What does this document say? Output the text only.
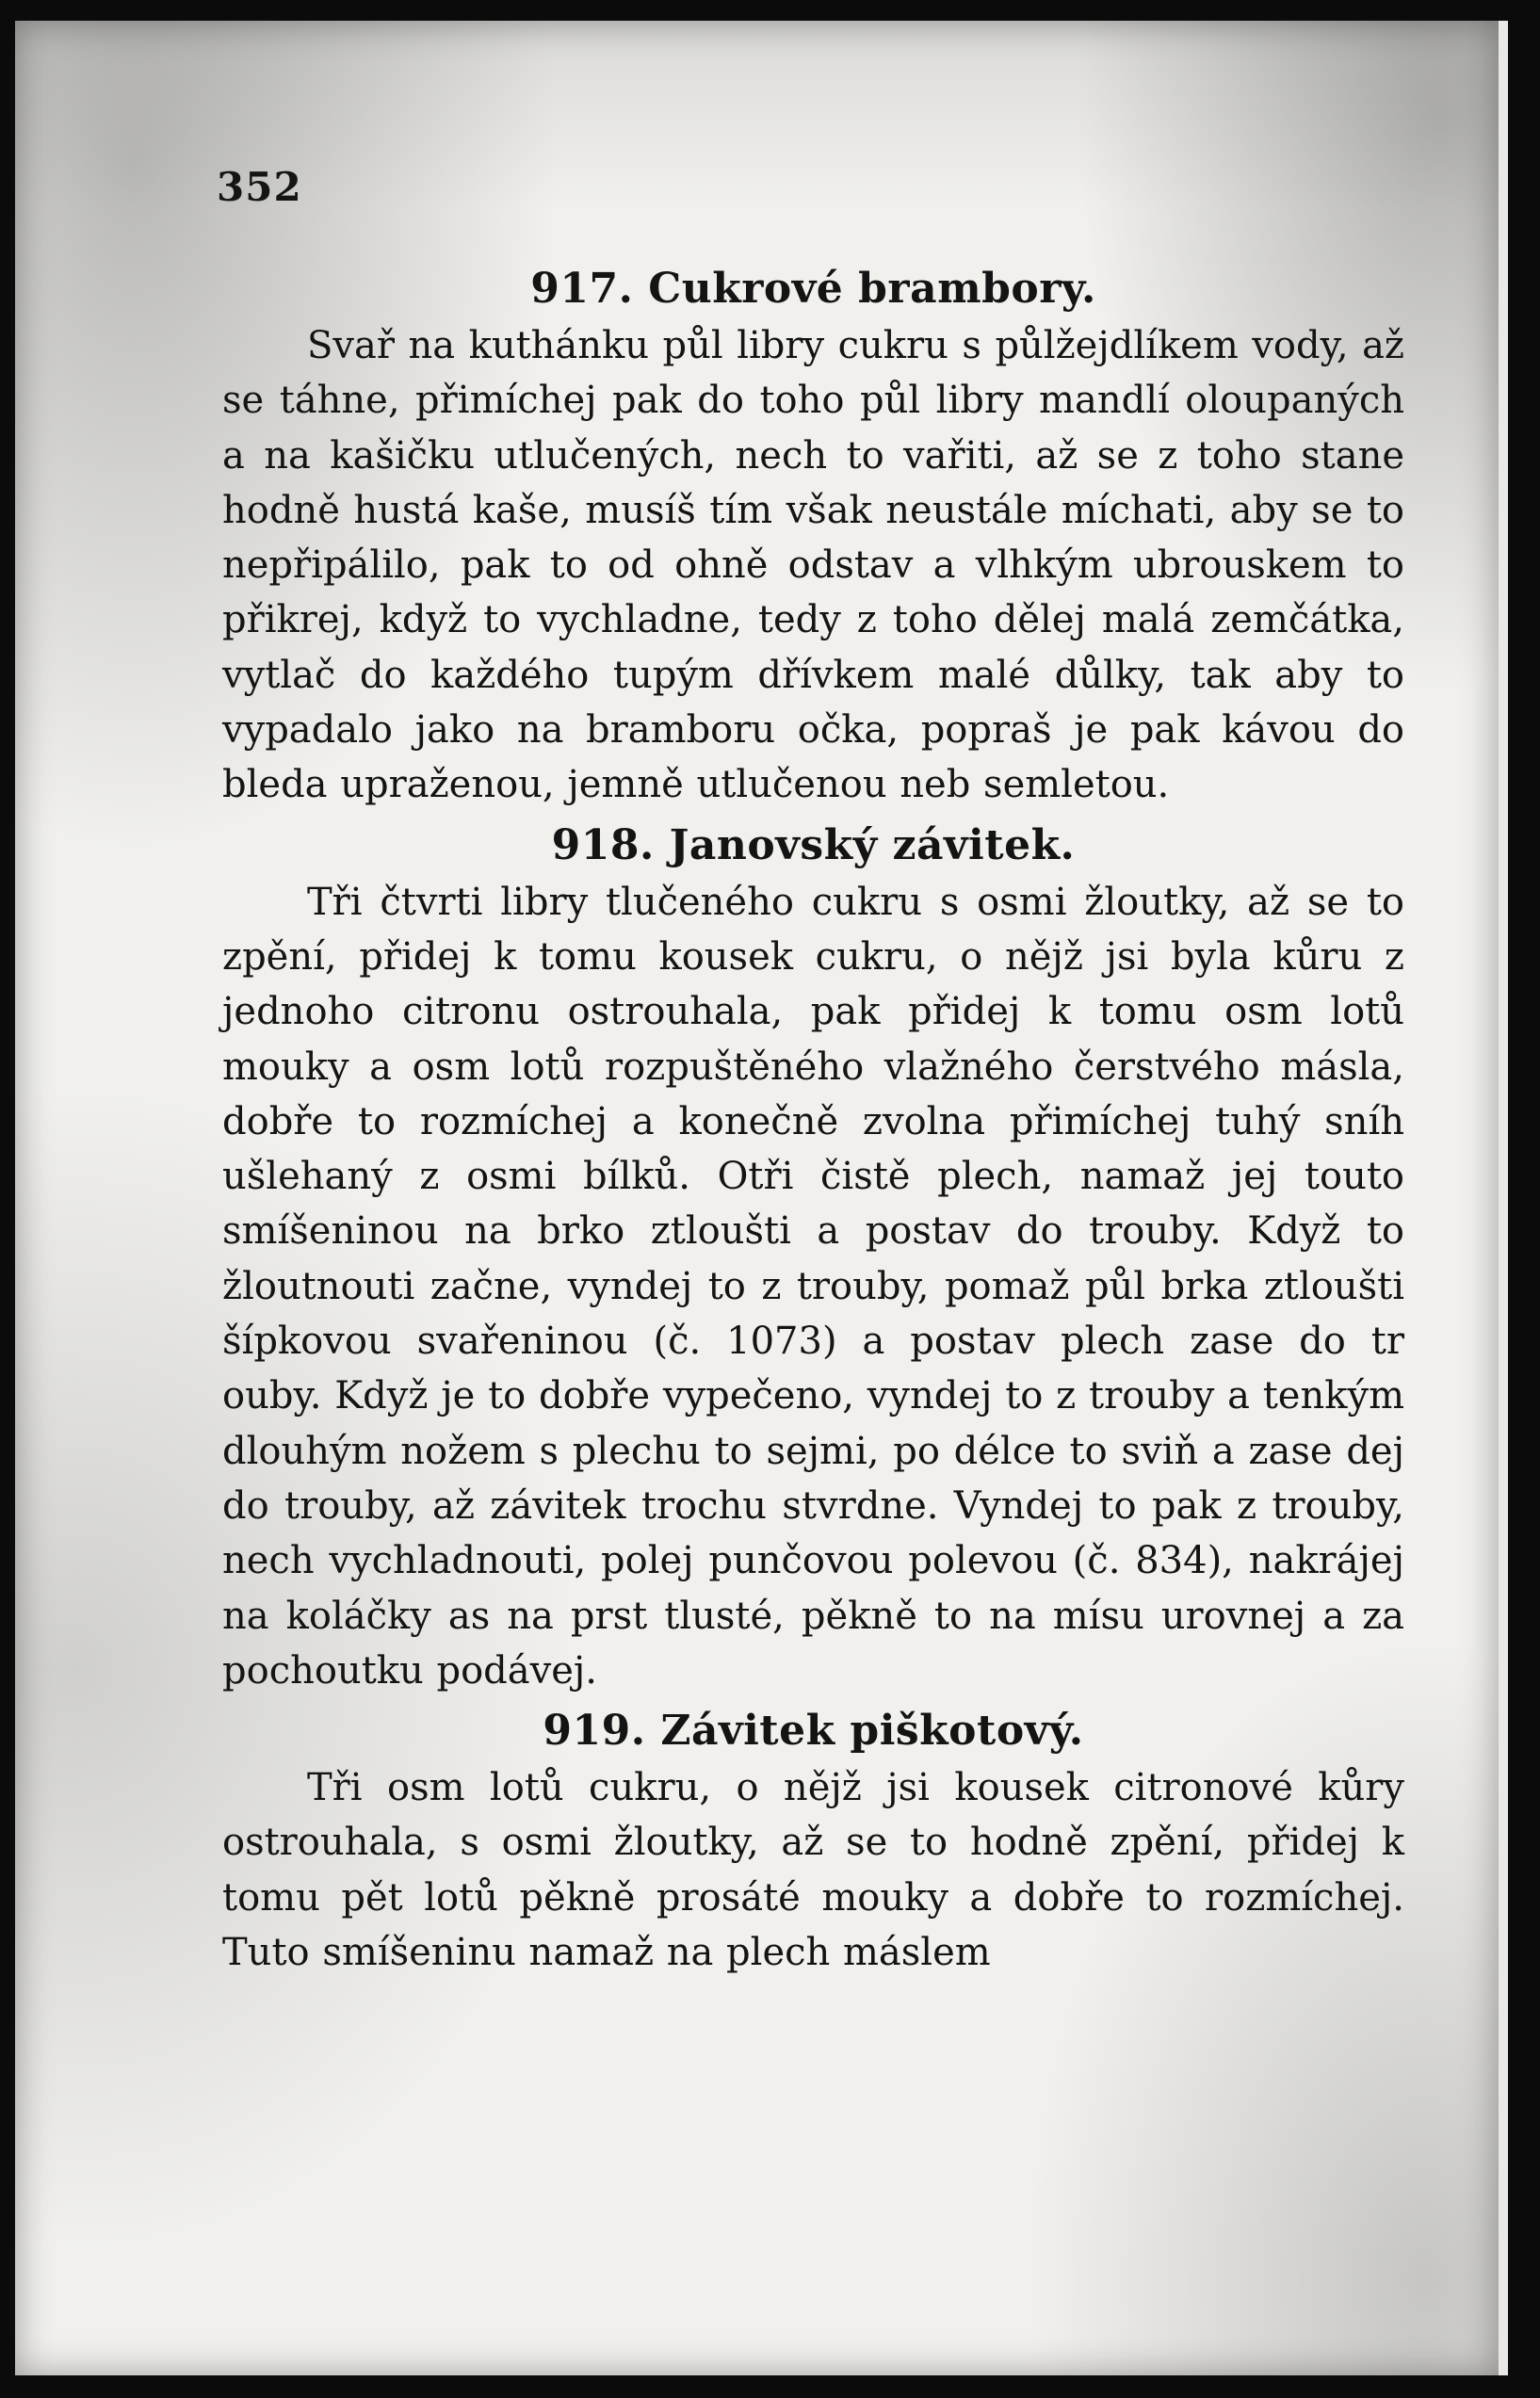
352
917. Cukrové brambory.

Svař na kuthánku půl libry cukru s půlžejdlíkem vody, až se táhne, přimíchej pak do toho půl libry mandlí oloupaných a na kašičku utlučených, nech to vařiti, až se z toho stane hodně hustá kaše, musíš tím však neustále míchati, aby se to nepřipálilo, pak to od ohně odstav a vlhkým ubrouskem to přikrej, když to vychladne, tedy z toho dělej malá zemčátka, vytlač do každého tupým dřívkem malé důlky, tak aby to vypadalo jako na bramboru očka, popraš je pak kávou do bleda upraženou, jemně utlučenou neb semletou.

918. Janovský závitek.

Tři čtvrti libry tlučeného cukru s osmi žloutky, až se to zpění, přidej k tomu kousek cukru, o nějž jsi byla kůru z jednoho citronu ostrouhala, pak přidej k tomu osm lotů mouky a osm lotů rozpuštěného vlažného čerstvého másla, dobře to rozmíchej a konečně zvolna přimíchej tuhý sníh ušlehaný z osmi bílků. Otři čistě plech, namaž jej touto smíšeninou na brko ztloušti a postav do trouby. Když to žloutnouti začne, vyndej to z trouby, pomaž půl brka ztloušti šípkovou svařeninou (č. 1073) a postav plech zase do tr ouby. Když je to dobře vypečeno, vyndej to z trouby a tenkým dlouhým nožem s plechu to sejmi, po délce to sviň a zase dej do trouby, až závitek trochu stvrdne. Vyndej to pak z trouby, nech vychladnouti, polej punčovou polevou (č. 834), nakrájej na koláčky as na prst tlusté, pěkně to na mísu urovnej a za pochoutku podávej.

919. Závitek piškotový.

Tři osm lotů cukru, o nějž jsi kousek citronové kůry ostrouhala, s osmi žloutky, až se to hodně zpění, přidej k tomu pět lotů pěkně prosáté mouky a dobře to rozmíchej. Tuto smíšeninu namaž na plech máslem
